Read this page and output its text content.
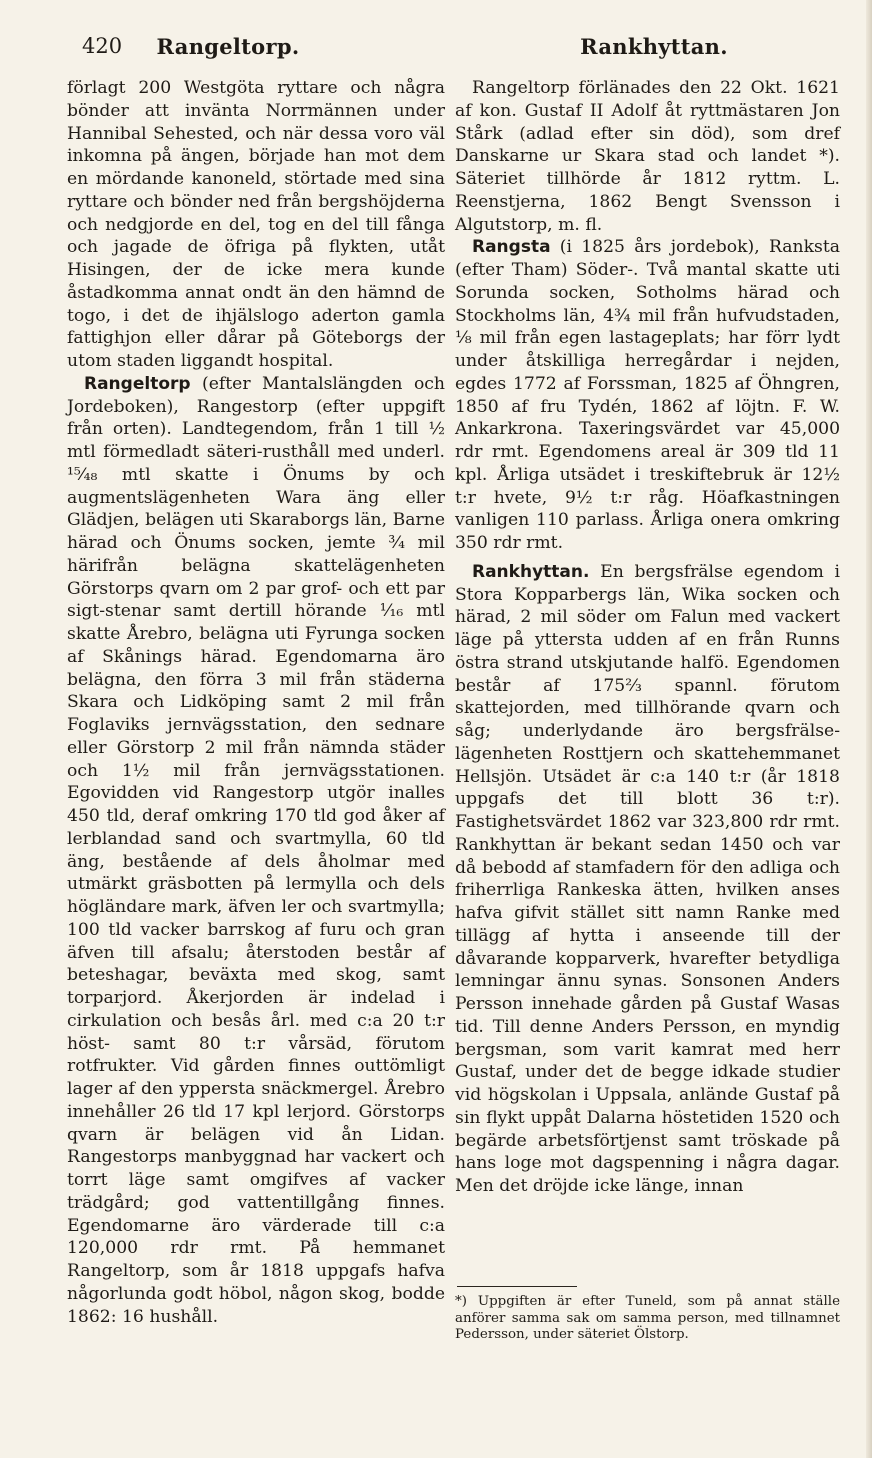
420	Rangeltorp.	Rankhyttan.

förlagt 200 Westgöta ryttare och några bönder att invänta Norrmännen under Hannibal Sehested, och när dessa voro väl inkomna på ängen, började han mot dem en mördande kanoneld, störtade med sina ryttare och bönder ned från bergshöjderna och nedgjorde en del, tog en del till fånga och jagade de öfriga på flykten, utåt Hisingen, der de icke mera kunde åstadkomma annat ondt än den hämnd de togo, i det de ihjälslogo aderton gamla fattighjon eller dårar på Göteborgs der utom staden liggandt hospital.

Rangeltorp (efter Mantalslängden och Jordeboken), Rangestorp (efter uppgift från orten). Landtegendom, från 1 till ½ mtl förmedladt säteri-rusthåll med underl. ¹⁵⁄₄₈ mtl skatte i Önums by och augmentslägenheten Wara äng eller Glädjen, belägen uti Skaraborgs län, Barne härad och Önums socken, jemte ³⁄₄ mil härifrån belägna skattelägenheten Görstorps qvarn om 2 par grof- och ett par sigt-stenar samt dertill hörande ¹⁄₁₆ mtl skatte Årebro, belägna uti Fyrunga socken af Skånings härad. Egendomarna äro belägna, den förra 3 mil från städerna Skara och Lidköping samt 2 mil från Foglaviks jernvägsstation, den sednare eller Görstorp 2 mil från nämnda städer och 1½ mil från jernvägsstationen. Egovidden vid Rangestorp utgör inalles 450 tld, deraf omkring 170 tld god åker af lerblandad sand och svartmylla, 60 tld äng, bestående af dels åholmar med utmärkt gräsbotten på lermylla och dels högländare mark, äfven ler och svartmylla; 100 tld vacker barrskog af furu och gran äfven till afsalu; återstoden består af beteshagar, beväxta med skog, samt torparjord. Åkerjorden är indelad i cirkulation och besås årl. med c:a 20 t:r höst- samt 80 t:r vårsäd, förutom rotfrukter. Vid gården finnes outtömligt lager af den yppersta snäckmergel. Årebro innehåller 26 tld 17 kpl lerjord. Görstorps qvarn är belägen vid ån Lidan. Rangestorps manbyggnad har vackert och torrt läge samt omgifves af vacker trädgård; god vattentillgång finnes. Egendomarne äro värderade till c:a 120,000 rdr rmt. På hemmanet Rangeltorp, som år 1818 uppgafs hafva någorlunda godt höbol, någon skog, bodde 1862: 16 hushåll.

Rangeltorp förlänades den 22 Okt. 1621 af kon. Gustaf II Adolf åt ryttmästaren Jon Stårk (adlad efter sin död), som dref Danskarne ur Skara stad och landet *). Säteriet tillhörde år 1812 ryttm. L. Reenstjerna, 1862 Bengt Svensson i Algutstorp, m. fl.

Rangsta (i 1825 års jordebok), Ranksta (efter Tham) Söder-. Två mantal skatte uti Sorunda socken, Sotholms härad och Stockholms län, 4¾ mil från hufvudstaden, ⅛ mil från egen lastageplats; har förr lydt under åtskilliga herregårdar i nejden, egdes 1772 af Forssman, 1825 af Öhngren, 1850 af fru Tydén, 1862 af löjtn. F. W. Ankarkrona. Taxeringsvärdet var 45,000 rdr rmt. Egendomens areal är 309 tld 11 kpl. Årliga utsädet i treskiftebruk är 12½ t:r hvete, 9½ t:r råg. Höafkastningen vanligen 110 parlass. Årliga onera omkring 350 rdr rmt.

Rankhyttan. En bergsfrälse egendom i Stora Kopparbergs län, Wika socken och härad, 2 mil söder om Falun med vackert läge på yttersta udden af en från Runns östra strand utskjutande halfö. Egendomen består af 175⅔ spannl. förutom skattejorden, med tillhörande qvarn och såg; underlydande äro bergsfrälse-lägenheten Rosttjern och skattehemmanet Hellsjön. Utsädet är c:a 140 t:r (år 1818 uppgafs det till blott 36 t:r). Fastighetsvärdet 1862 var 323,800 rdr rmt. Rankhyttan är bekant sedan 1450 och var då bebodd af stamfadern för den adliga och friherrliga Rankeska ätten, hvilken anses hafva gifvit stället sitt namn Ranke med tillägg af hytta i anseende till der dåvarande kopparverk, hvarefter betydliga lemningar ännu synas. Sonsonen Anders Persson innehade gården på Gustaf Wasas tid. Till denne Anders Persson, en myndig bergsman, som varit kamrat med herr Gustaf, under det de begge idkade studier vid högskolan i Uppsala, anlände Gustaf på sin flykt uppåt Dalarna höstetiden 1520 och begärde arbetsförtjenst samt tröskade på hans loge mot dagspenning i några dagar. Men det dröjde icke länge, innan

*) Uppgiften är efter Tuneld, som på annat ställe anförer samma sak om samma person, med tillnamnet Pedersson, under säteriet Ölstorp.
